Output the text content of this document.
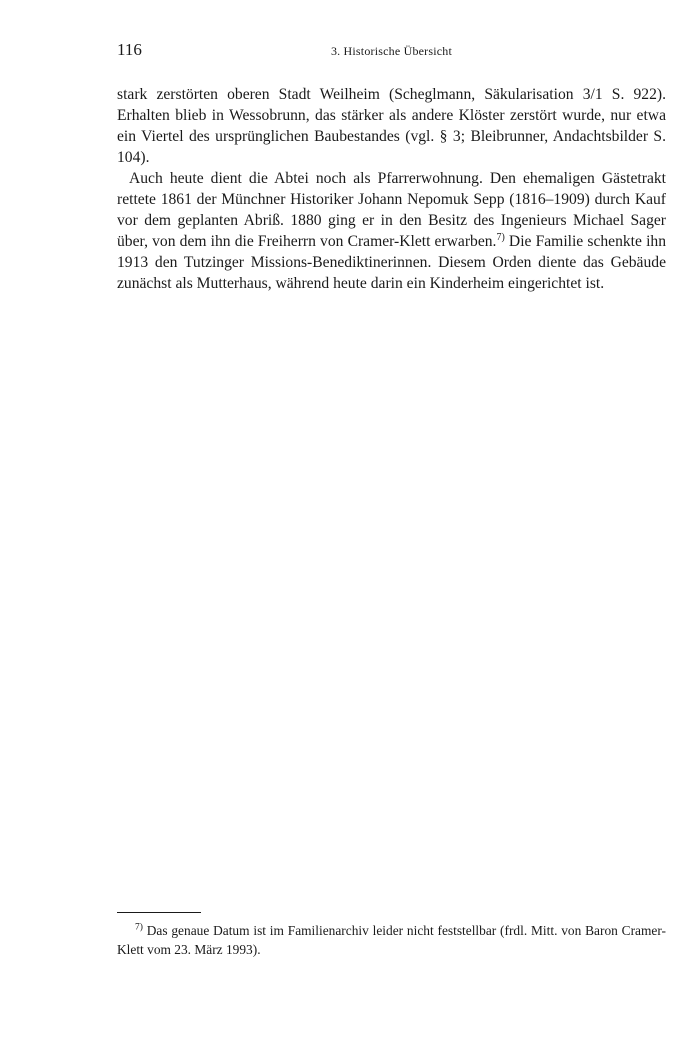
116	3. Historische Übersicht

stark zerstörten oberen Stadt Weilheim (Scheglmann, Säkularisation 3/1 S. 922). Erhalten blieb in Wessobrunn, das stärker als andere Klöster zerstört wurde, nur etwa ein Viertel des ursprünglichen Baubestandes (vgl. § 3; Bleibrunner, Andachtsbilder S. 104).

Auch heute dient die Abtei noch als Pfarrerwohnung. Den ehemaligen Gästetrakt rettete 1861 der Münchner Historiker Johann Nepomuk Sepp (1816–1909) durch Kauf vor dem geplanten Abriß. 1880 ging er in den Besitz des Ingenieurs Michael Sager über, von dem ihn die Freiherrn von Cramer-Klett erwarben.$^{7)}$ Die Familie schenkte ihn 1913 den Tutzinger Missions-Benediktinerinnen. Diesem Orden diente das Gebäude zunächst als Mutterhaus, während heute darin ein Kinderheim eingerichtet ist.

$^{7)}$ Das genaue Datum ist im Familienarchiv leider nicht feststellbar (frdl. Mitt. von Baron Cramer-Klett vom 23. März 1993).
